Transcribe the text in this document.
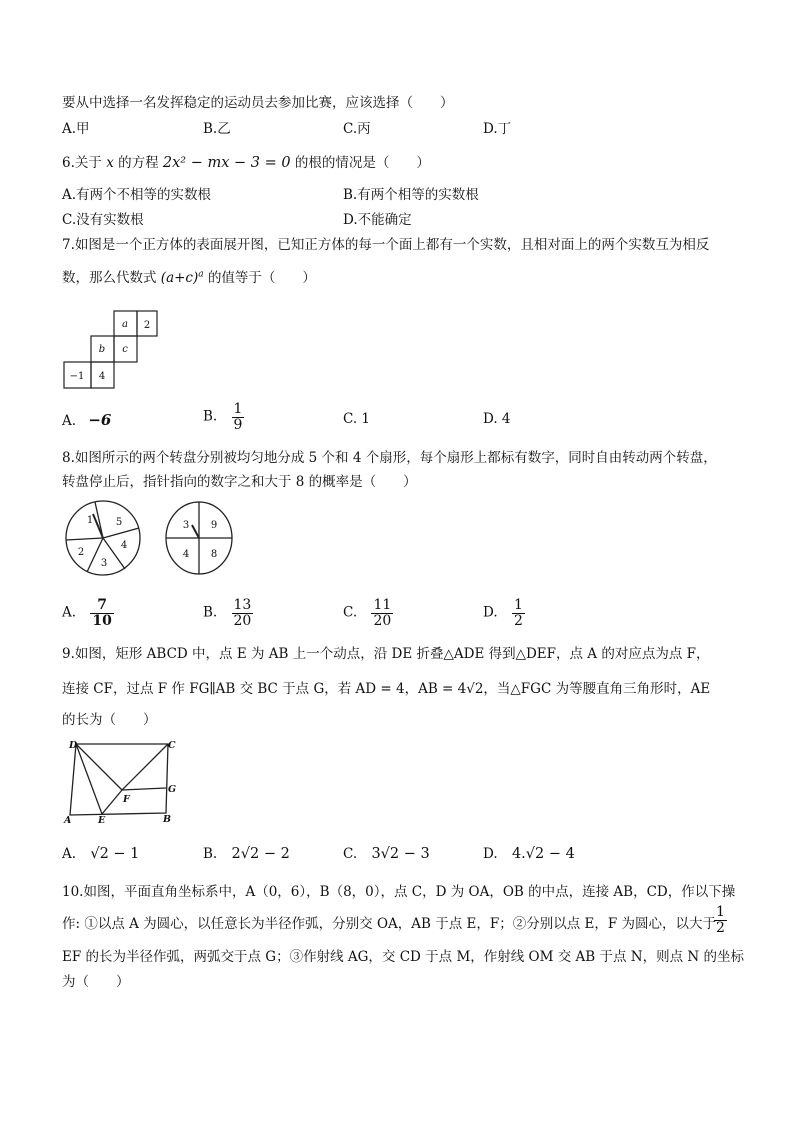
要从中选择一名发挥稳定的运动员去参加比赛，应该选择（　　）
A.甲	B.乙	C.丙	D.丁
6.关于 x 的方程 2x² − mx − 3 = 0 的根的情况是（　　）
A.有两个不相等的实数根	B.有两个相等的实数根
C.没有实数根	D.不能确定
7.如图是一个正方体的表面展开图，已知正方体的每一个面上都有一个实数，且相对面上的两个实数互为相反
数，那么代数式 $(a+c)^a$ 的值等于（　　）
a 2
b c
−1 4
A. −6	B. $\frac{1}{9}$	C. 1	D. 4
8.如图所示的两个转盘分别被均匀地分成 5 个和 4 个扇形，每个扇形上都标有数字，同时自由转动两个转盘，
转盘停止后，指针指向的数字之和大于 8 的概率是（　　）
1 5
4
3
2
3 9
8
4
A. $\frac{7}{10}$	B. $\frac{13}{20}$	C. $\frac{11}{20}$	D. $\frac{1}{2}$
9.如图，矩形 ABCD 中，点 E 为 AB 上一个动点，沿 DE 折叠△ADE 得到△DEF，点 A 的对应点为点 F，
连接 CF，过点 F 作 FG∥AB 交 BC 于点 G，若 AD = 4，AB = 4√2，当△FGC 为等腰直角三角形时，AE
的长为（　　）
D	C
G
F
A	E	B
A. √2 − 1	B. 2√2 − 2	C. 3√2 − 3	D. 4.√2 − 4
10.如图，平面直角坐标系中，A（0，6），B（8，0），点 C，D 为 OA，OB 的中点，连接 AB，CD，作以下操
作: ①以点 A 为圆心，以任意长为半径作弧，分别交 OA，AB 于点 E，F；②分别以点 E，F 为圆心，以大于
$\frac{1}{2}$
EF 的长为半径作弧，两弧交于点 G；③作射线 AG，交 CD 于点 M，作射线 OM 交 AB 于点 N，则点 N 的坐标
为（　　）
